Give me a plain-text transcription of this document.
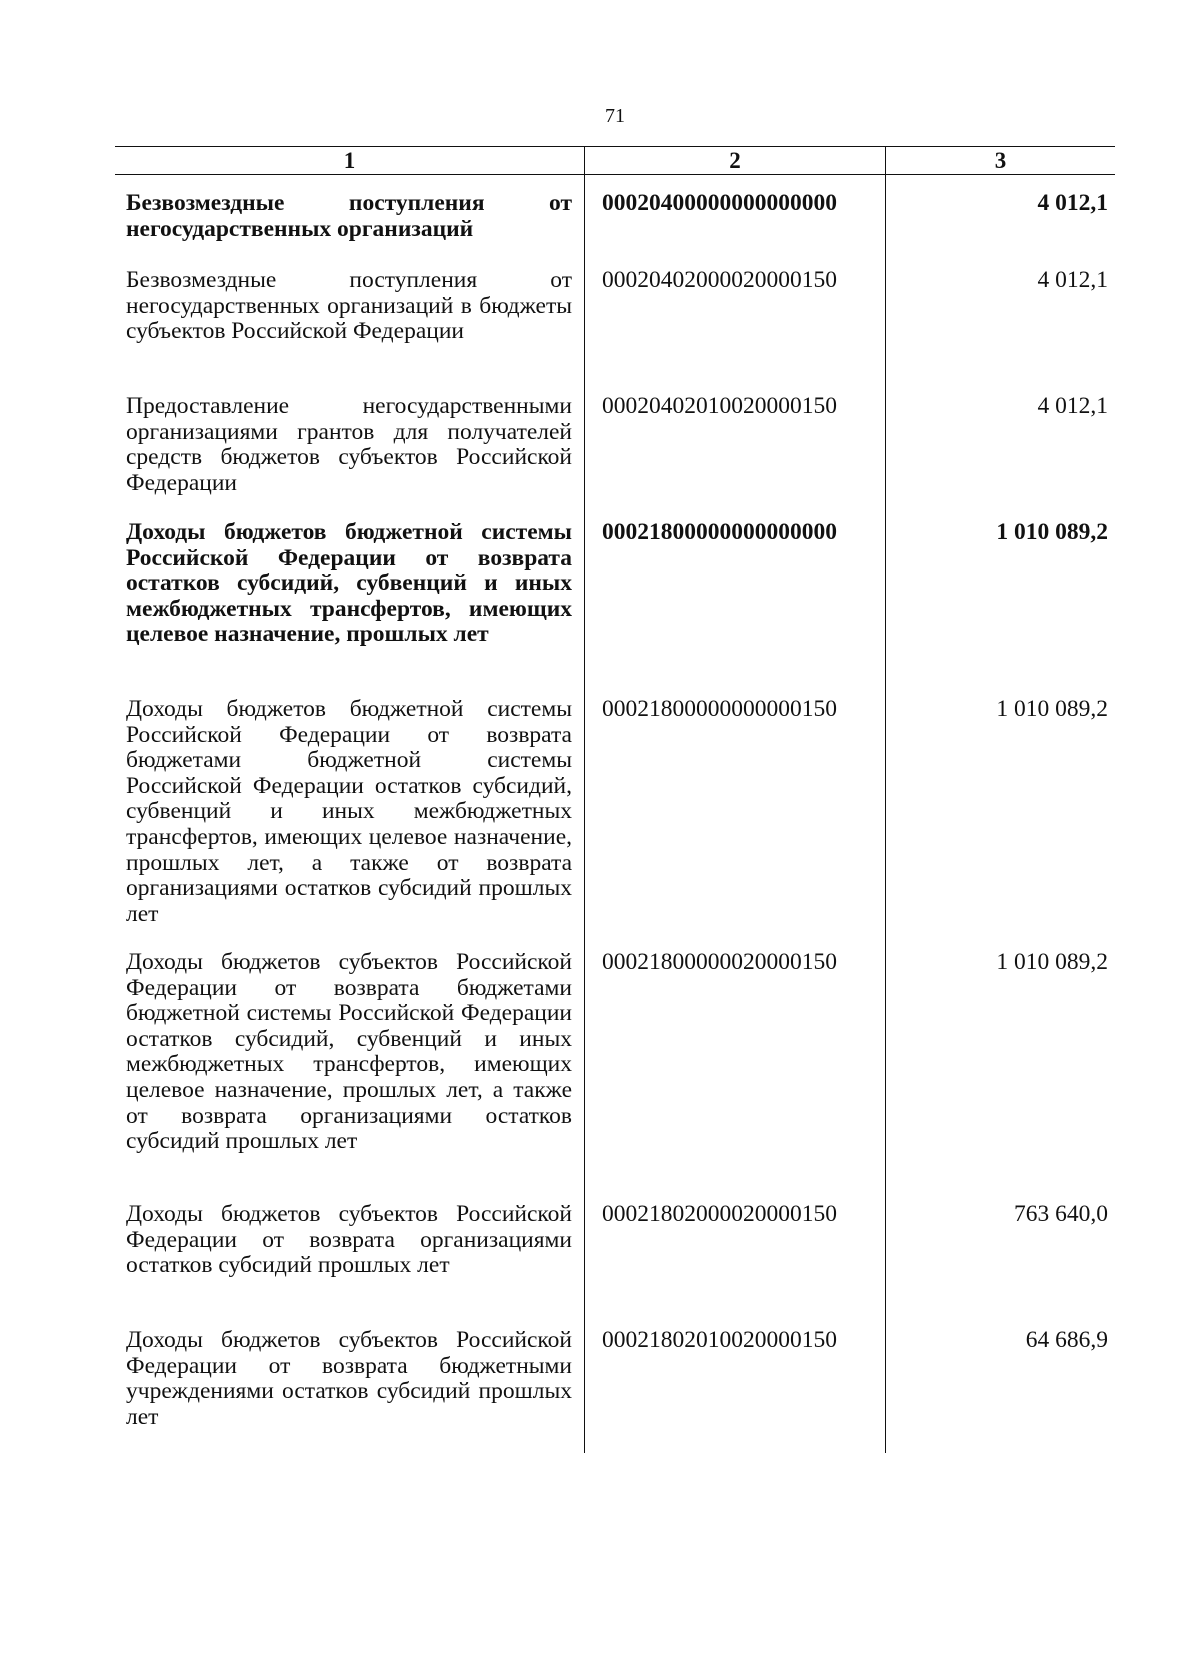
71
1	2	3
Безвозмездные поступления от негосударственных организаций
00020400000000000000	4 012,1
Безвозмездные поступления от негосударственных организаций в бюджеты субъектов Российской Федерации
00020402000020000150	4 012,1
Предоставление негосударственными организациями грантов для получателей средств бюджетов субъектов Российской Федерации
00020402010020000150	4 012,1
Доходы бюджетов бюджетной системы Российской Федерации от возврата остатков субсидий, субвенций и иных межбюджетных трансфертов, имеющих целевое назначение, прошлых лет
00021800000000000000	1 010 089,2
Доходы бюджетов бюджетной системы Российской Федерации от возврата бюджетами бюджетной системы Российской Федерации остатков субсидий, субвенций и иных межбюджетных трансфертов, имеющих целевое назначение, прошлых лет, а также от возврата организациями остатков субсидий прошлых лет
00021800000000000150	1 010 089,2
Доходы бюджетов субъектов Российской Федерации от возврата бюджетами бюджетной системы Российской Федерации остатков субсидий, субвенций и иных межбюджетных трансфертов, имеющих целевое назначение, прошлых лет, а также от возврата организациями остатков субсидий прошлых лет
00021800000020000150	1 010 089,2
Доходы бюджетов субъектов Российской Федерации от возврата организациями остатков субсидий прошлых лет
00021802000020000150	763 640,0
Доходы бюджетов субъектов Российской Федерации от возврата бюджетными учреждениями остатков субсидий прошлых лет
00021802010020000150	64 686,9
